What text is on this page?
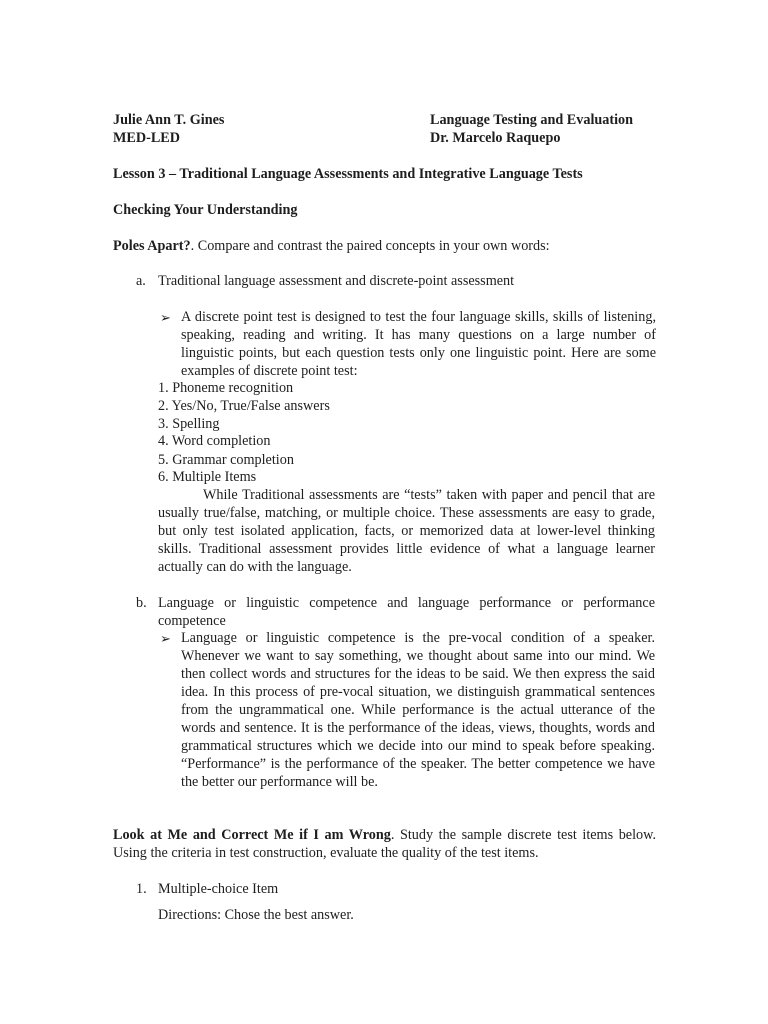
Julie Ann T. Gines
MED-LED
Language Testing and Evaluation
Dr. Marcelo Raquepo
Lesson 3 – Traditional Language Assessments and Integrative Language Tests
Checking Your Understanding
Poles Apart?. Compare and contrast the paired concepts in your own words:
a. Traditional language assessment and discrete-point assessment
➢ A discrete point test is designed to test the four language skills, skills of listening, speaking, reading and writing. It has many questions on a large number of linguistic points, but each question tests only one linguistic point. Here are some examples of discrete point test:
1. Phoneme recognition
2. Yes/No, True/False answers
3. Spelling
4. Word completion
5. Grammar completion
6. Multiple Items
While Traditional assessments are “tests” taken with paper and pencil that are usually true/false, matching, or multiple choice. These assessments are easy to grade, but only test isolated application, facts, or memorized data at lower-level thinking skills. Traditional assessment provides little evidence of what a language learner actually can do with the language.
b. Language or linguistic competence and language performance or performance competence
➢ Language or linguistic competence is the pre-vocal condition of a speaker. Whenever we want to say something, we thought about same into our mind. We then collect words and structures for the ideas to be said. We then express the said idea. In this process of pre-vocal situation, we distinguish grammatical sentences from the ungrammatical one. While performance is the actual utterance of the words and sentence. It is the performance of the ideas, views, thoughts, words and grammatical structures which we decide into our mind to speak before speaking. “Performance” is the performance of the speaker. The better competence we have the better our performance will be.
Look at Me and Correct Me if I am Wrong. Study the sample discrete test items below. Using the criteria in test construction, evaluate the quality of the test items.
1. Multiple-choice Item
Directions: Chose the best answer.
